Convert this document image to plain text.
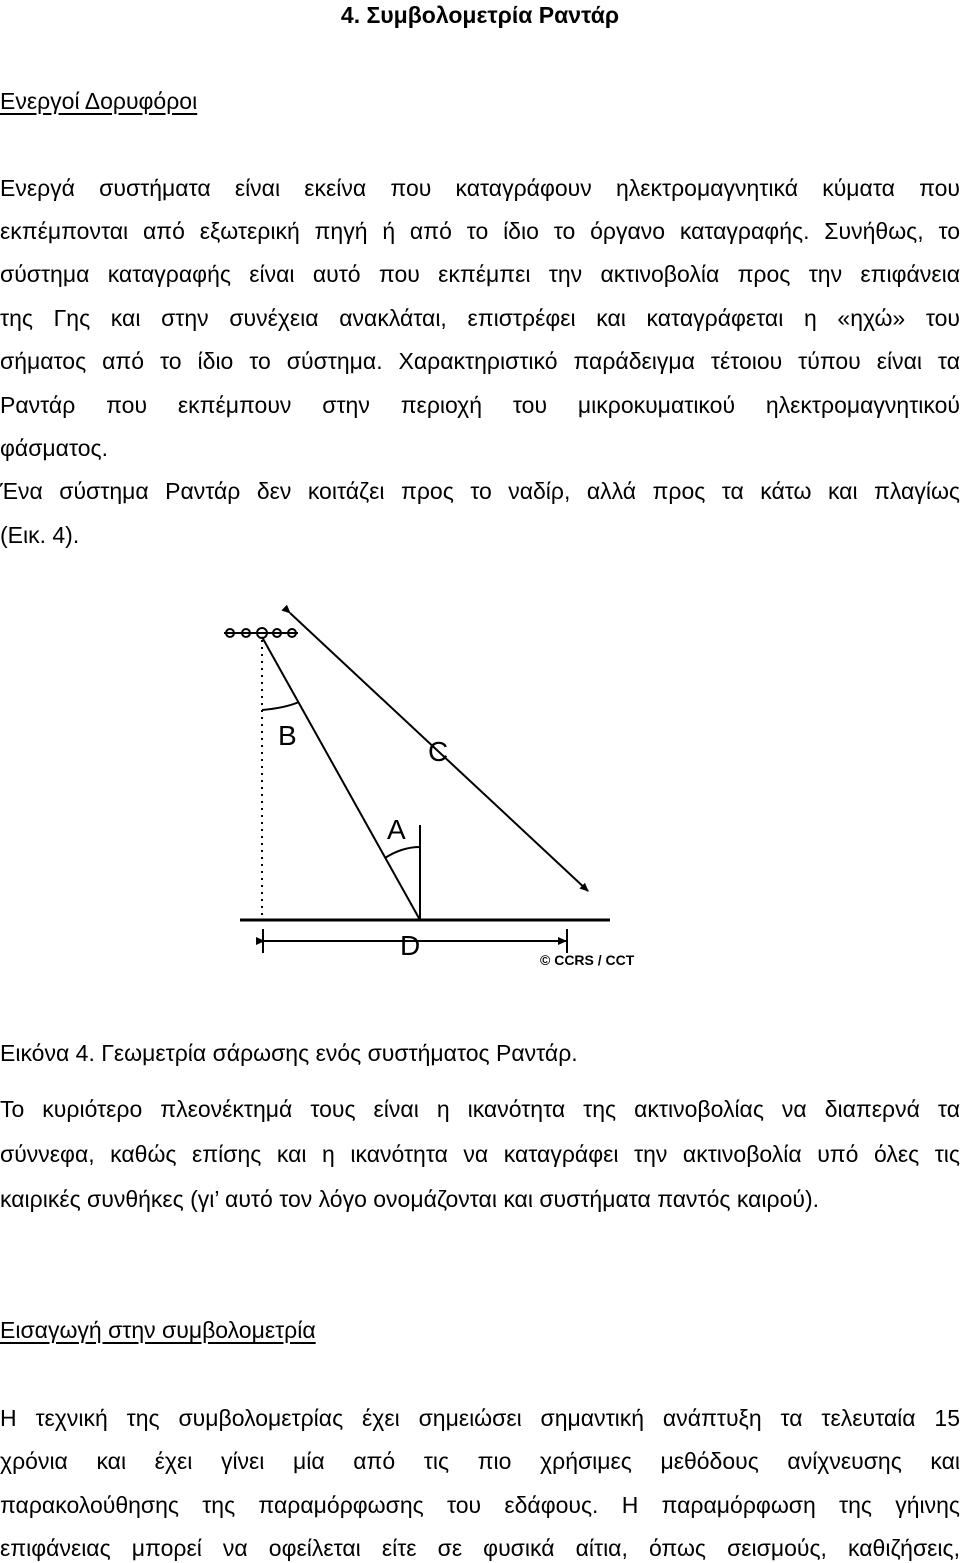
4. Συμβολομετρία Ραντάρ
Ενεργοί Δορυφόροι
Ενεργά συστήματα είναι εκείνα που καταγράφουν ηλεκτρομαγνητικά κύματα που
εκπέμπονται από εξωτερική πηγή ή από το ίδιο το όργανο καταγραφής. Συνήθως, το
σύστημα καταγραφής είναι αυτό που εκπέμπει την ακτινοβολία προς την επιφάνεια
της Γης και στην συνέχεια ανακλάται, επιστρέφει και καταγράφεται η «ηχώ» του
σήματος από το ίδιο το σύστημα. Χαρακτηριστικό παράδειγμα τέτοιου τύπου είναι τα
Ραντάρ που εκπέμπουν στην περιοχή του μικροκυματικού ηλεκτρομαγνητικού
φάσματος.
Ένα σύστημα Ραντάρ δεν κοιτάζει προς το ναδίρ, αλλά προς τα κάτω και πλαγίως
(Εικ. 4).
B
C
A
D	© CCRS / CCT
Εικόνα 4. Γεωμετρία σάρωσης ενός συστήματος Ραντάρ.
Το κυριότερο πλεονέκτημά τους είναι η ικανότητα της ακτινοβολίας να διαπερνά τα
σύννεφα, καθώς επίσης και η ικανότητα να καταγράφει την ακτινοβολία υπό όλες τις
καιρικές συνθήκες (γι’ αυτό τον λόγο ονομάζονται και συστήματα παντός καιρού).
Εισαγωγή στην συμβολομετρία
Η τεχνική της συμβολομετρίας έχει σημειώσει σημαντική ανάπτυξη τα τελευταία 15
χρόνια και έχει γίνει μία από τις πιο χρήσιμες μεθόδους ανίχνευσης και
παρακολούθησης της παραμόρφωσης του εδάφους. Η παραμόρφωση της γήινης
επιφάνειας μπορεί να οφείλεται είτε σε φυσικά αίτια, όπως σεισμούς, καθιζήσεις,
